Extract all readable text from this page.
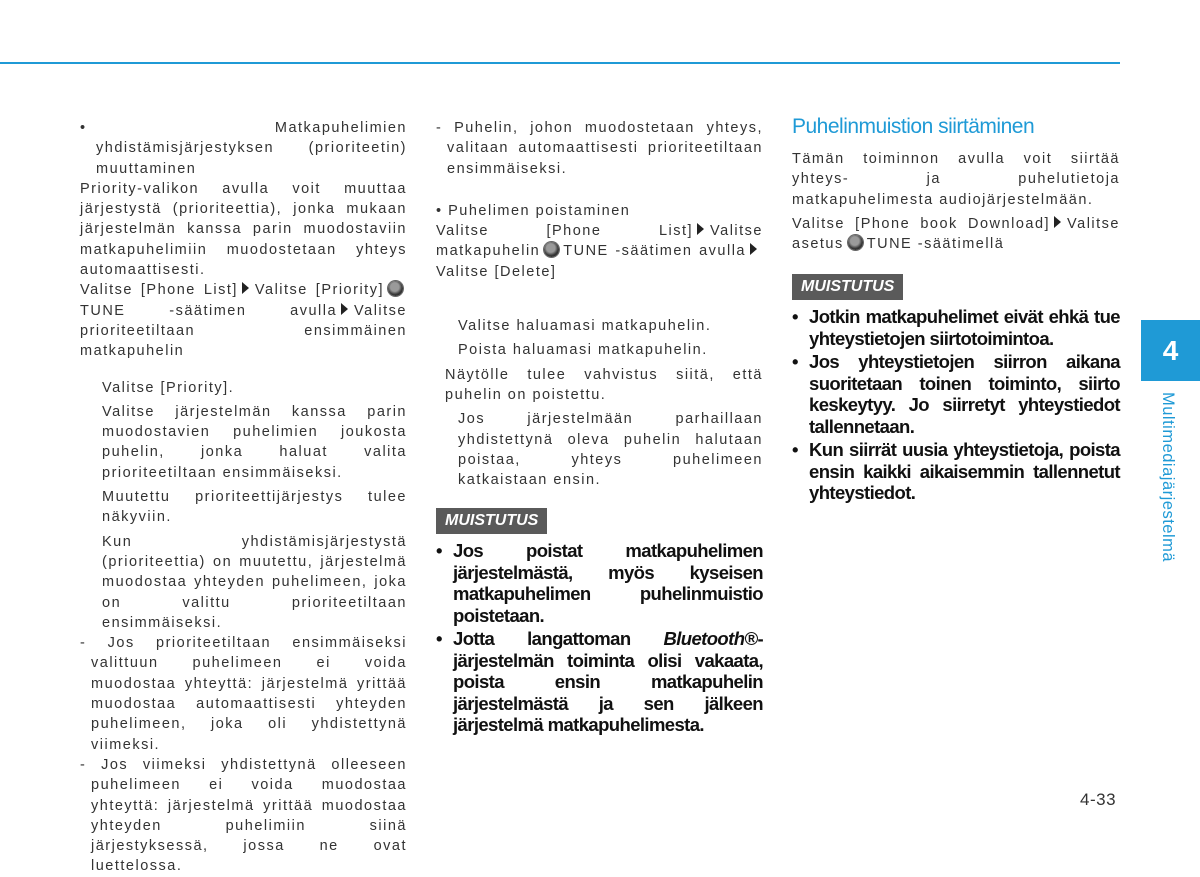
• Matkapuhelimien yhdistämisjärjestyksen (prioriteetin) muuttaminen

Priority-valikon avulla voit muuttaa järjestystä (prioriteettia), jonka mukaan järjestelmän kanssa parin muodostaviin matkapuhelimiin muodostetaan yhteys automaattisesti.

Valitse [Phone List] Valitse [Priority]TUNE -säätimen avulla Valitse prioriteetiltaan ensimmäinen matkapuhelin

Valitse [Priority].

Valitse järjestelmän kanssa parin muodostavien puhelimien joukosta puhelin, jonka haluat valita prioriteetiltaan ensimmäiseksi.

Muutettu prioriteettijärjestys tulee näkyviin.

Kun yhdistämisjärjestystä (prioriteettia) on muutettu, järjestelmä muodostaa yhteyden puhelimeen, joka on valittu prioriteetiltaan ensimmäiseksi.

- Jos prioriteetiltaan ensimmäiseksi valittuun puhelimeen ei voida muodostaa yhteyttä: järjestelmä yrittää muodostaa automaattisesti yhteyden puhelimeen, joka oli yhdistettynä viimeksi.

- Jos viimeksi yhdistettynä olleeseen puhelimeen ei voida muodostaa yhteyttä: järjestelmä yrittää muodostaa yhteyden puhelimiin siinä järjestyksessä, jossa ne ovat luettelossa.

- Puhelin, johon muodostetaan yhteys, valitaan automaattisesti prioriteetiltaan ensimmäiseksi.

• Puhelimen poistaminen

Valitse [Phone List] Valitse matkapuhelin TUNE -säätimen avullaValitse [Delete]

Valitse haluamasi matkapuhelin.

Poista haluamasi matkapuhelin.

Näytölle tulee vahvistus siitä, että puhelin on poistettu.

Jos järjestelmään parhaillaan yhdistettynä oleva puhelin halutaan poistaa, yhteys puhelimeen katkaistaan ensin.

MUISTUTUS
• Jos poistat matkapuhelimen järjestelmästä, myös kyseisen matkapuhelimen puhelinmuistio poistetaan.
• Jotta langattoman Bluetooth®-järjestelmän toiminta olisi vakaata, poista ensin matkapuhelin järjestelmästä ja sen jälkeen järjestelmä matkapuhelimesta.
Puhelinmuistion siirtäminen

Tämän toiminnon avulla voit siirtää yhteys- ja puhelutietoja matkapuhelimesta audiojärjestelmään.

Valitse [Phone book Download] Valitse asetus TUNE -säätimellä

MUISTUTUS
• Jotkin matkapuhelimet eivät ehkä tue yhteystietojen siirtotoimintoa.
• Jos yhteystietojen siirron aikana suoritetaan toinen toiminto, siirto keskeytyy. Jo siirretyt yhteystiedot tallennetaan.
• Kun siirrät uusia yhteystietoja, poista ensin kaikki aikaisemmin tallennetut yhteystiedot.
4
Multimediajärjestelmä
4-33
